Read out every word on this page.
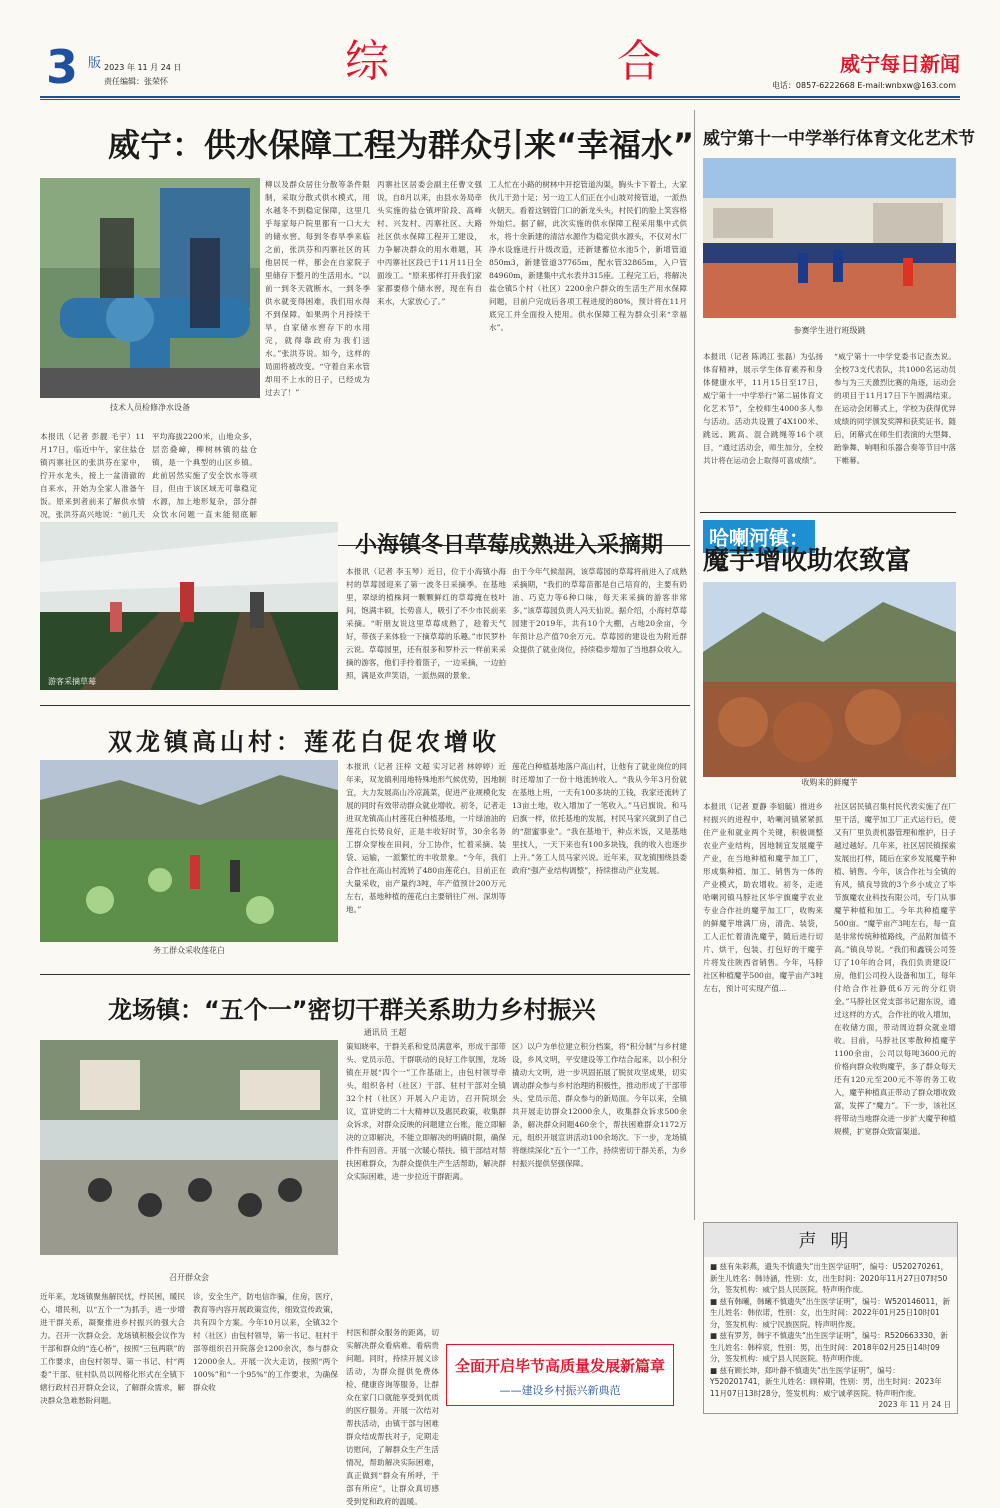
3 版 2023 年 11 月 24 日
责任编辑：张荣怀	综	合	威宁每日新闻
电话：0857-6222668 E-mail:wnbxw@163.com
威宁：供水保障工程为群众引来“幸福水”
技术人员检修净水设备
本报讯（记者 彭靓 毛宇）11月17日，临近中午，家住盐仓镇丙寨社区的张洪芬在家中，拧开水龙头，接上一盆清澈的自来水，开始为全家人准备午饭。原来到者前来了解供水情况，张洪芬高兴地说：“前几天
平均海拔2200米，山地众多，层峦叠嶂，柳树林镇的盐仓镇，是一个典型的山区乡镇。此前居然实施了安全饮水等项目，但由于该区域无可靠稳定水源，加上地形复杂，部分群众饮水问题一直未能彻底解
柳以及群众居住分散等条件限制，采取分散式供水模式，用水越冬不到稳定保障，这里几乎每家每户院里都有一口大大的储水窖。每到冬春旱季来临之前，张洪芬和丙寨社区的其他居民一样，都会在自家院子里储存下整月的生活用水。“以前一到冬天就断水，一到冬季供水就变得困难，我们用水得不到保障。如果两个月持续干旱，自家储水窖存下的水用完，就得靠政府为我们送水。”张洪芬说。如今，这样的局面将被改变。“守着自来水管却用不上水的日子，已经成为过去了！”
丙寨社区居委会副主任曹文强说，自8月以来，由县水务局牵头实施的盐仓镇坪阶段、高峰村、兴发村、丙寨社区、大路社区供水保障工程开工建设，力争解决群众的用水难题，其中丙寨社区段已于11月11日全面竣工。“原来那样打开我们家家都要修个储水窖，现在有自来水，大家放心了。”
工人忙在小路的树林中开挖管道沟渠，胸头卡下着土，大家伙儿干劲十足；另一边工人们正在小山坡对接管道，一派热火朝天。看着这钢管门口的新龙头头，村民们的脸上笑容格外灿烂。据了解，此次实施的供水保障工程采用集中式供水，将十余新建的清洁水源作为稳定供水源头，不仅对水厂净水设施进行升级改造，还新建蓄位水池5个，新增管道850m3，新建管道37765m，配水管32865m，入户管84960m，新建集中式水表井315座。工程完工后，将解决盐仓镇5个村（社区）2200余户群众的生活生产用水保障问题，目前户完成后各项工程进度的80%，预计将在11月底完工并全面投入使用。供水保障工程为群众引来“幸福水”。
威宁第十一中学举行体育文化艺术节
参赛学生进行班级跳
本报讯（记者 陈鸿江 张磊）为弘扬体育精神，展示学生体育素养和身体健康水平，11月15日至17日，威宁第十一中学举行“第二届体育文化艺术节”，全校师生4000多人参与活动。活动共设置了4X100米、跳远、跳高、混合跳绳等16个项目，“通过活动会，师生加分，全校共计将在运动会上取得可喜成绩”。
“威宁第十一中学党委书记查杰说。全校73支代表队，共1000名运动员参与为三天激烈比赛的角逐，运动会的项目于11月17日下午圆满结束。在运动会闭幕式上，学校为获得优异成绩的同学颁发奖牌和获奖证书。随后，闭幕式在师生们表演的大型舞、跆拳舞、响唱和乐器合奏等节目中落下帷幕。
游客采摘草莓
小海镇冬日草莓成熟进入采摘期
本报讯（记者 李玉琴）近日，位于小海镇小海村的草莓园迎来了第一波冬日采摘季。在基地里，翠绿的植株间一颗颗鲜红的草莓掩在枝叶间，饱满丰硕，长势喜人，吸引了不少市民前来采摘。“听朋友说这里草莓成熟了，趁着天气好，带孩子来体验一下摘草莓的乐趣。”市民罗朴云说。草莓园里，还有很多和罗朴云一样前来采摘的游客，他们手拎着篮子，一边采摘，一边拍照，满是欢声笑语，一派热闹的景象。
由于今年气候湿润，该草莓园的草莓将前进入了成熟采摘期，“我们的草莓苗都是自己培育的，主要有奶油、巧克力等6种口味，每天来采摘的游客非常多。”该草莓园负责人冯天仙说。据介绍，小海村草莓园建于2019年，共有10个大棚，占地20余亩，今年预计总产值70余万元。草莓园的建设也为附近群众提供了就业岗位，持续稳步增加了当地群众收入。
哈喇河镇：
魔芋增收助农致富
收购来的鲜魔芋
本报讯（记者 夏静 李姐毓）推进乡村振兴的进程中，哈喇河镇紧紧抓住产业和就业两个关键，积极调整农业产业结构，因地制宜发展魔芋产业，在当地种植和魔芋加工厂，形成集种植、加工、销售为一体的产业模式，助农增收。初冬，走进哈喇河镇马脖社区华宇旗魔芋农业专业合作社的魔芋加工厂，收购来的鲜魔芋堆满厂房，清洗、装袋，工人正忙着清洗魔芋，随后进行切片、烘干，包装、打包好的干魔芋片将发往陕西省销售。今年，马脖社区种植魔芋500亩，魔芋亩产3吨左右，预计可实现产值...
社区居民镇召集村民代表实施了在厂里干活，魔芋加工厂正式运行后，使又有厂里负责机器管理和维护，日子越过越好。几年来，社区居民镇探索发展出打样，随后在家乡发展魔芋种植、销售。今年，该合作社与全镇的有风，镇良导致的3个乡小成立了毕节旗魔农业科技有限公司，专门从事魔芋种植和加工。今年共种植魔芋500亩。“魔芋亩产3吨左右，每一直是非常传统种植路线，产品附加值不高。”镇良导说。“我们和鑫镁公司签订了10年的合同，我们负责建设厂房，他们公司投入设备和加工，每年付给合作社静低6万元的分红资金。”马脖社区党支部书记谢东说，通过这样的方式，合作社的收入增加，在收储方面，带动周边群众就业增收。目前，马脖社区零散种植魔芋1100余亩，公司以每吨3600元的价格向群众收购魔芋，多了群众每天还有120元至200元不等的务工收入，魔芋种植真正带动了群众增收致富，发挥了“魔力”。下一步，该社区将带动当地群众进一步扩大魔芋种植规模，扩宽群众致富渠道。
双龙镇高山村：莲花白促农增收
务工群众采收莲花白
本报讯（记者 汪梓 文超 实习记者 林婷婷）近年来，双龙镇利用地特殊地形气候优势，因地制宜，大力发展高山冷凉蔬菜，促进产业规模化发展的同时有效带动群众就业增收。初冬，记者走进双龙镇高山村莲花白种植基地，一片绿油油的莲花白长势良好，正是丰收好时节，30余名务工群众穿梭在田间，分工协作，忙着采摘、装袋、运输，一派繁忙的丰收景象。“今年，我们合作社在高山村流转了480亩莲花白，目前正在大量采收，亩产量约3吨，年产值预计200万元左右，基地种植的莲花白主要销往广州、深圳等地。”
莲花白种植基地落户高山村，让他有了就业岗位的同时还增加了一份十地流转收入。“我从今年3月份就在基地上班，一天有100多块的工钱，我家还流转了13亩土地，收入增加了一笔收入。”马启旗说。和马启旗一样，依托基地的发展，村民马家兴就到了自己的“甜蜜事业”。“我在基地干，种点米饭，又是基地里找人，一天下来也有100多块钱，我的收入也逐步上升。”务工人员马家兴说。近年来，双龙镇围绕县委政府“强产业结构调整”，持续推动产业发展。
龙场镇：“五个一”密切干群关系助力乡村振兴
通讯员 王超
召开群众会
近年来，龙场镇聚焦解民忧，纾民困，暖民心，增民利，以“五个一”为抓手，进一步增进干群关系，凝聚推进乡村振兴的强大合力。召开一次群众会。龙场镇积极会议作为干部和群众的“连心桥”，按照“三包两联”的工作要求，由包村领导、第一书记、村“两委”干部、驻村队员以网格化形式在全镇下辖行政村召开群众会议，了解群众需求，解决群众急难愁盼问题。
诊，安全生产，防电信诈骗，住房，医疗，教育等内容开展政策宣传，细致宣传政策，共有四个方案。今年10月以来，全镇32个村（社区）由包村领导，第一书记、驻村干部等组织召开院落会1200余次，参与群众12000余人。开展一次大走访，按照“两个100%”和“一个95%”的工作要求，为确保群众收
策知晓率、干群关系和党员满意率，形成干部带头、党员示范、干群联动的良好工作氛围，龙场镇在开展“四个一”工作基础上，由包村领导牵头，组织各村（社区）干部、驻村干部对全镇32个村（社区）开展入户走访，召开院坝会议，宣讲党的二十大精神以及惠民政策，收集群众诉求，对群众反映的问题建立台账，能立即解决的立即解决，不能立即解决的明确时限，确保件件有回音。开展一次暖心帮扶。镇干部结对帮扶困难群众，为群众提供生产生活帮助，解决群众实际困难，进一步拉近干群距离。
区）以户为单位建立积分档案，将“积分制”与乡村建设，乡风文明，平安建设等工作结合起来，以小积分撬动大文明，进一步巩固拓展了脱贫攻坚成果，切实调动群众参与乡村治理的积极性，推动形成了干部带头、党员示范、群众参与的新局面。今年以来，全镇共开展走访群众12000余人，收集群众诉求500余条，解决群众问题460余个，帮扶困难群众1172万元，组织开展宣讲活动100余场次。下一步，龙场镇将继续深化“五个一”工作，持续密切干群关系，为乡村振兴提供坚强保障。
村医和群众服务的距离，切实解决群众看病难、看病贵问题。同时，持续开展义诊活动，为群众提供免费体检、健康咨询等服务，让群众在家门口就能享受到优质的医疗服务。开展一次结对帮扶活动，由镇干部与困难群众结成帮扶对子，定期走访慰问，了解群众生产生活情况，帮助解决实际困难，真正做到“群众有所呼，干部有所应”，让群众真切感受到党和政府的温暖。
全面开启毕节高质量发展新篇章
——建设乡村振兴新典范
声明
■ 兹有朱彩燕，遗失不慎遗失“出生医学证明”，编号：U520270261，新生儿姓名：韩诗涵，性别：女，出生时间：2020年11月27日07时50分，签发机构：威宁县人民医院。特声明作废。
■ 兹有韩曦，韩曦不慎遗失“出生医学证明”，编号：W520146011，新生儿姓名：韩依诺，性别：女，出生时间：2022年01月25日10时01分，签发机构：威宁民族医院。特声明作废。
■ 兹有罗芳，韩宇不慎遗失“出生医学证明”，编号：R520663330，新生儿姓名：韩梓宸，性别：男，出生时间：2018年02月25日14时09分，签发机构：威宁县人民医院。特声明作废。
■ 兹有顾长坤，郑叶静不慎遗失“出生医学证明”，编号：Y520201741，新生儿姓名：顾梓期，性别：男，出生时间：2023年11月07日13时28分，签发机构：威宁诚孝医院。特声明作废。
2023 年 11 月 24 日
